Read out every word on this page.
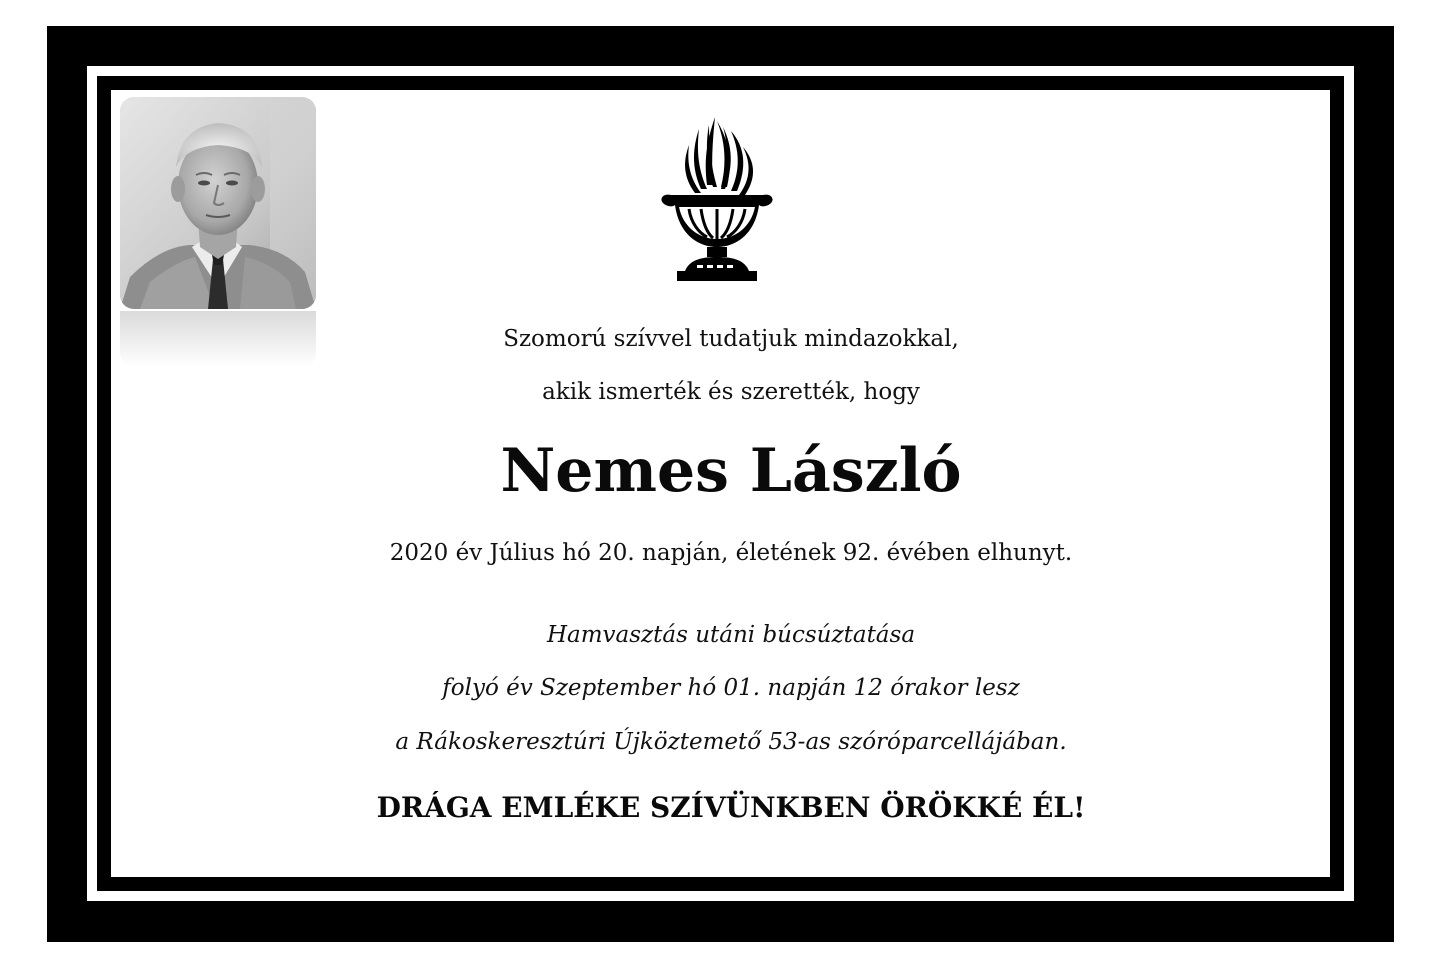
Szomorú szívvel tudatjuk mindazokkal,
akik ismerték és szerették, hogy
Nemes László
2020 év Július hó 20. napján, életének 92. évében elhunyt.
Hamvasztás utáni búcsúztatása
folyó év Szeptember hó 01. napján 12 órakor lesz
a Rákoskeresztúri Újköztemető 53-as szóróparcellájában.
DRÁGA EMLÉKE SZÍVÜNKBEN ÖRÖKKÉ ÉL!
